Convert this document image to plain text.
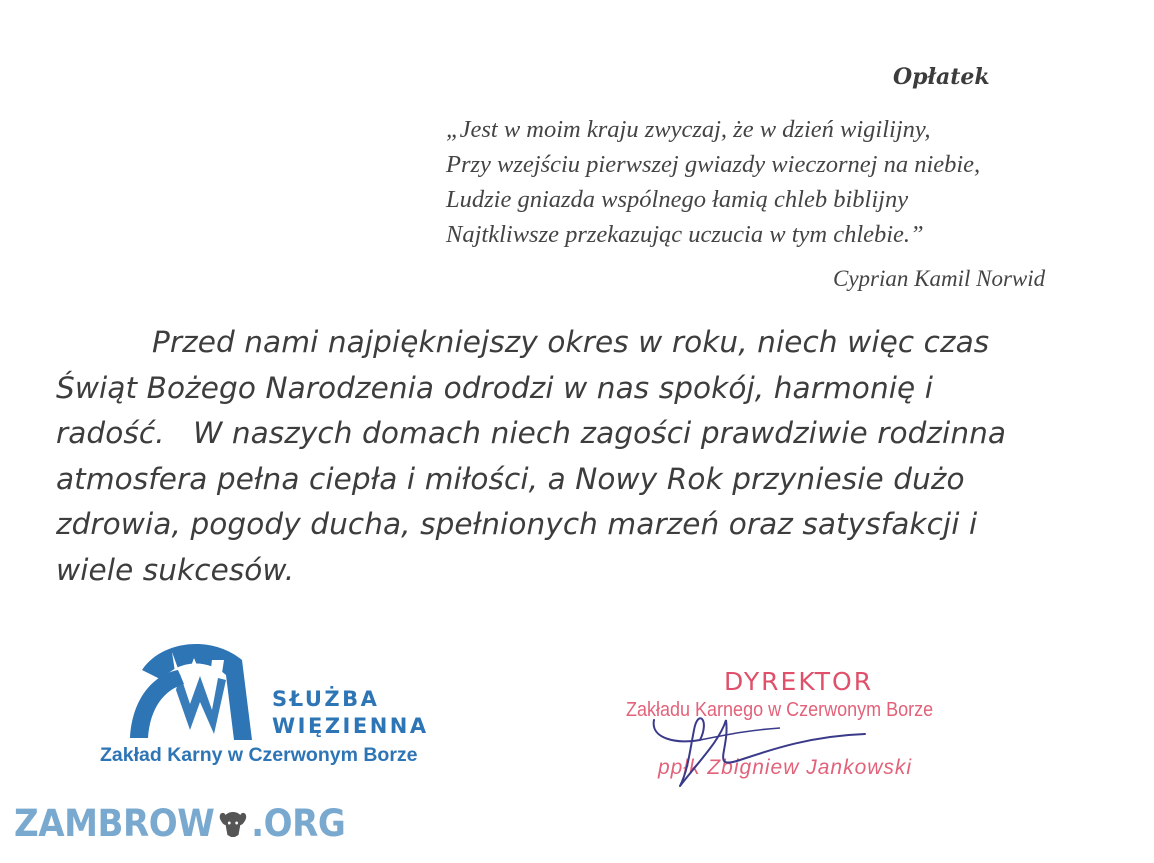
Opłatek
„Jest w moim kraju zwyczaj, że w dzień wigilijny,
Przy wzejściu pierwszej gwiazdy wieczornej na niebie,
Ludzie gniazda wspólnego łamią chleb biblijny
Najtkliwsze przekazując uczucia w tym chlebie.”
Cyprian Kamil Norwid

Przed nami najpiękniejszy okres w roku, niech więc czas
Świąt Bożego Narodzenia odrodzi w nas spokój, harmonię i
radość.   W naszych domach niech zagości prawdziwie rodzinna
atmosfera pełna ciepła i miłości, a Nowy Rok przyniesie dużo
zdrowia, pogody ducha, spełnionych marzeń oraz satysfakcji i
wiele sukcesów.

SŁUŻBA
WIĘZIENNA
Zakład Karny w Czerwonym Borze
DYREKTOR
Zakładu Karnego w Czerwonym Borze
ppłk Zbigniew Jankowski
ZAMBROW .ORG
